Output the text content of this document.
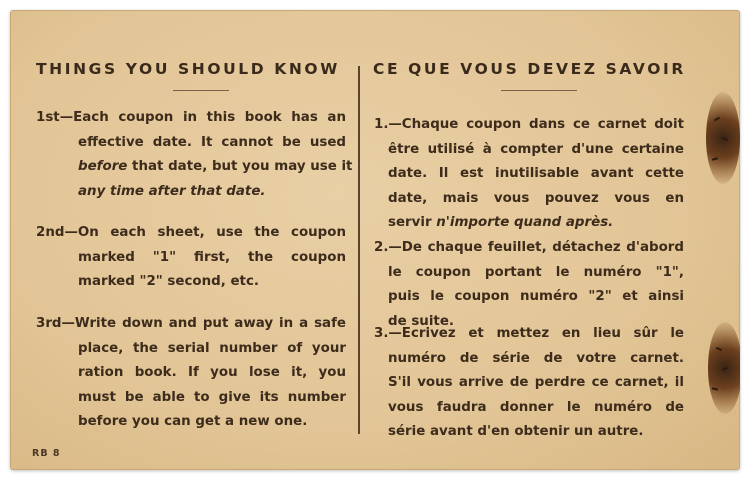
THINGS YOU SHOULD KNOW
1st—Each coupon in this book has an
effective date. It cannot be used
before that date, but you may use it
any time after that date.
2nd—On each sheet, use the coupon
marked "1" first, the coupon
marked "2" second, etc.
3rd—Write down and put away in a safe
place, the serial number of your
ration book. If you lose it, you
must be able to give its number
before you can get a new one.
CE QUE VOUS DEVEZ SAVOIR
1.—Chaque coupon dans ce carnet doit
être utilisé à compter d'une certaine
date. Il est inutilisable avant cette
date, mais vous pouvez vous en
servir n'importe quand après.
2.—De chaque feuillet, détachez d'abord
le coupon portant le numéro "1",
puis le coupon numéro "2" et ainsi
de suite.
3.—Ecrivez et mettez en lieu sûr le
numéro de série de votre carnet.
S'il vous arrive de perdre ce carnet, il
vous faudra donner le numéro de
série avant d'en obtenir un autre.
RB 8
